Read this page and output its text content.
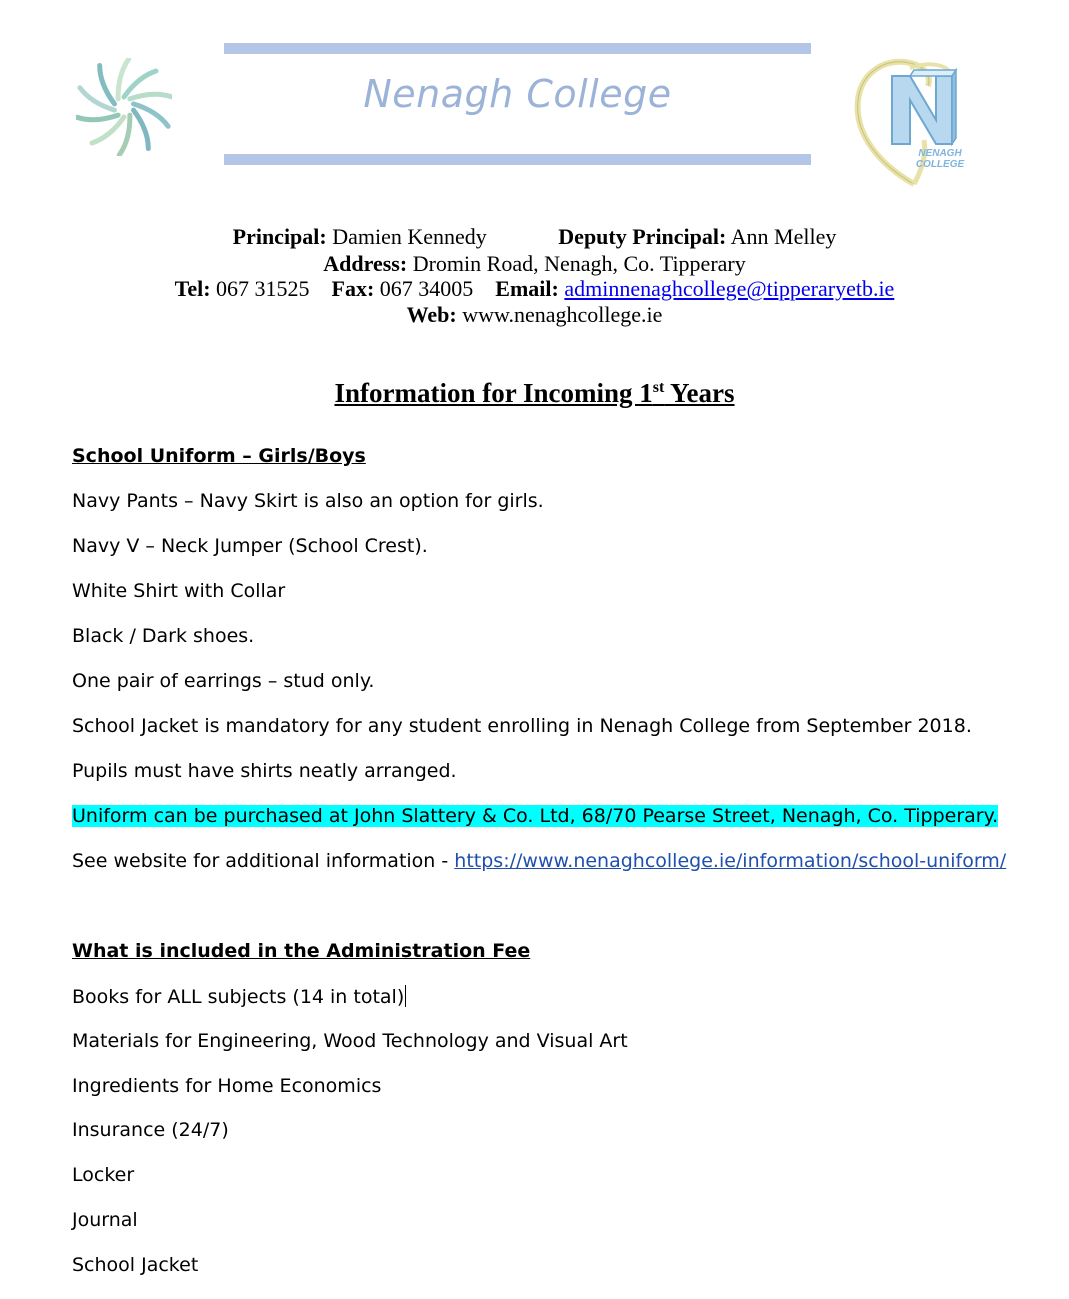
Nenagh College
NENAGH
COLLEGE
Principal: Damien Kennedy	Deputy Principal: Ann Melley
Address: Dromin Road, Nenagh, Co. Tipperary
Tel: 067 31525 Fax: 067 34005 Email: adminnenaghcollege@tipperaryetb.ie
Web: www.nenaghcollege.ie
Information for Incoming 1st Years
School Uniform – Girls/Boys
Navy Pants – Navy Skirt is also an option for girls.
Navy V – Neck Jumper (School Crest).
White Shirt with Collar
Black / Dark shoes.
One pair of earrings – stud only.
School Jacket is mandatory for any student enrolling in Nenagh College from September 2018.
Pupils must have shirts neatly arranged.
Uniform can be purchased at John Slattery & Co. Ltd, 68/70 Pearse Street, Nenagh, Co. Tipperary.
See website for additional information - https://www.nenaghcollege.ie/information/school-uniform/
What is included in the Administration Fee
Books for ALL subjects (14 in total)
Materials for Engineering, Wood Technology and Visual Art
Ingredients for Home Economics
Insurance (24/7)
Locker
Journal
School Jacket
